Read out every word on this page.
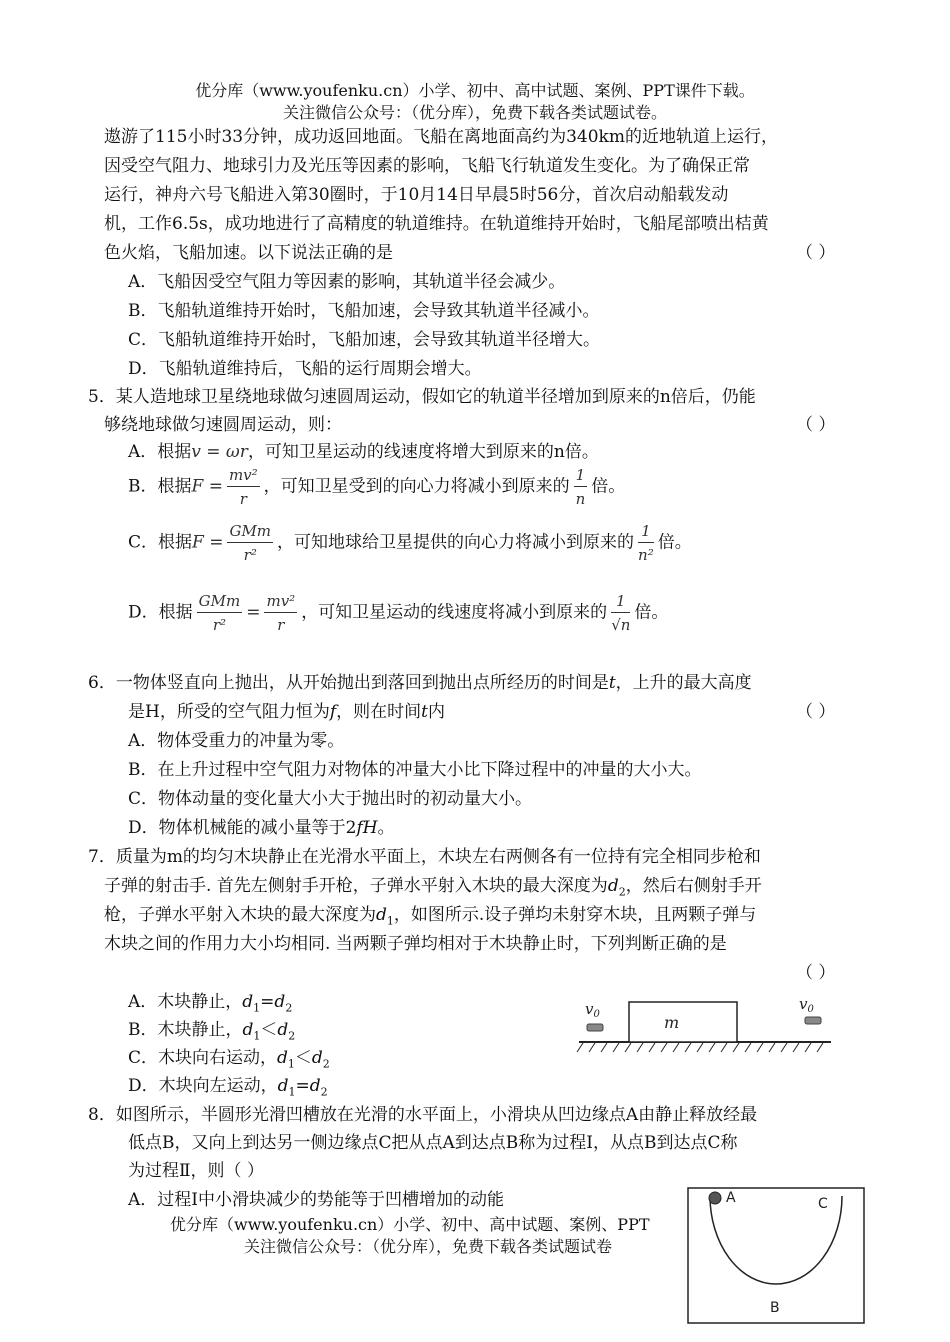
优分库（www.youfenku.cn）小学、初中、高中试题、案例、PPT课件下载。
关注微信公众号：（优分库），免费下载各类试题试卷。
遨游了115小时33分钟，成功返回地面。飞船在离地面高约为340km的近地轨道上运行，
因受空气阻力、地球引力及光压等因素的影响，飞船飞行轨道发生变化。为了确保正常
运行，神舟六号飞船进入第30圈时，于10月14日早晨5时56分，首次启动船载发动
机，工作6.5s，成功地进行了高精度的轨道维持。在轨道维持开始时，飞船尾部喷出桔黄
色火焰，飞船加速。以下说法正确的是	（ ）
A．飞船因受空气阻力等因素的影响，其轨道半径会减少。
B．飞船轨道维持开始时，飞船加速，会导致其轨道半径减小。
C．飞船轨道维持开始时，飞船加速，会导致其轨道半径增大。
D．飞船轨道维持后，飞船的运行周期会增大。
5．某人造地球卫星绕地球做匀速圆周运动，假如它的轨道半径增加到原来的n倍后，仍能
够绕地球做匀速圆周运动，则：	（ ）
A．根据v = ωr，可知卫星运动的线速度将增大到原来的n倍。
B．根据$F = \frac{\text{mv²}}{r}$ ，可知卫星受到的向心力将减小到原来的 $\frac{1}{n}$ 倍。
C．根据$F = \frac{\text{GMm}}{\text{r²}}$ ，可知地球给卫星提供的向心力将减小到原来的 $\frac{1}{\text{n²}}$ 倍。
D．根据 $\frac{\text{GMm}}{\text{r²}} = \frac{\text{mv²}}{r}$ ，可知卫星运动的线速度将减小到原来的 $\frac{1}{√n}$ 倍。
6．一物体竖直向上抛出，从开始抛出到落回到抛出点所经历的时间是t，上升的最大高度
是H，所受的空气阻力恒为f，则在时间t内	（ ）
A．物体受重力的冲量为零。
B．在上升过程中空气阻力对物体的冲量大小比下降过程中的冲量的大小大。
C．物体动量的变化量大小大于抛出时的初动量大小。
D．物体机械能的减小量等于2fH。
7．质量为m的均匀木块静止在光滑水平面上，木块左右两侧各有一位持有完全相同步枪和
子弹的射击手. 首先左侧射手开枪，子弹水平射入木块的最大深度为$d_2$，然后右侧射手开
枪，子弹水平射入木块的最大深度为$d_1$，如图所示.设子弹均未射穿木块，且两颗子弹与
木块之间的作用力大小均相同. 当两颗子弹均相对于木块静止时，下列判断正确的是
（ ）
A．木块静止，$d_1=d_2$
B．木块静止，$d_1<d_2$
C．木块向右运动，$d_1<d_2$
D．木块向左运动，$d_1=d_2$
m
$v_0$
$v_0$
8．如图所示，半圆形光滑凹槽放在光滑的水平面上，小滑块从凹边缘点A由静止释放经最
低点B，又向上到达另一侧边缘点C把从点A到达点B称为过程Ⅰ，从点B到达点C称
为过程Ⅱ，则（ ）
A．过程Ⅰ中小滑块减少的势能等于凹槽增加的动能	A	C
B
优分库（www.youfenku.cn）小学、初中、高中试题、案例、PPT
关注微信公众号：（优分库），免费下载各类试题试卷
